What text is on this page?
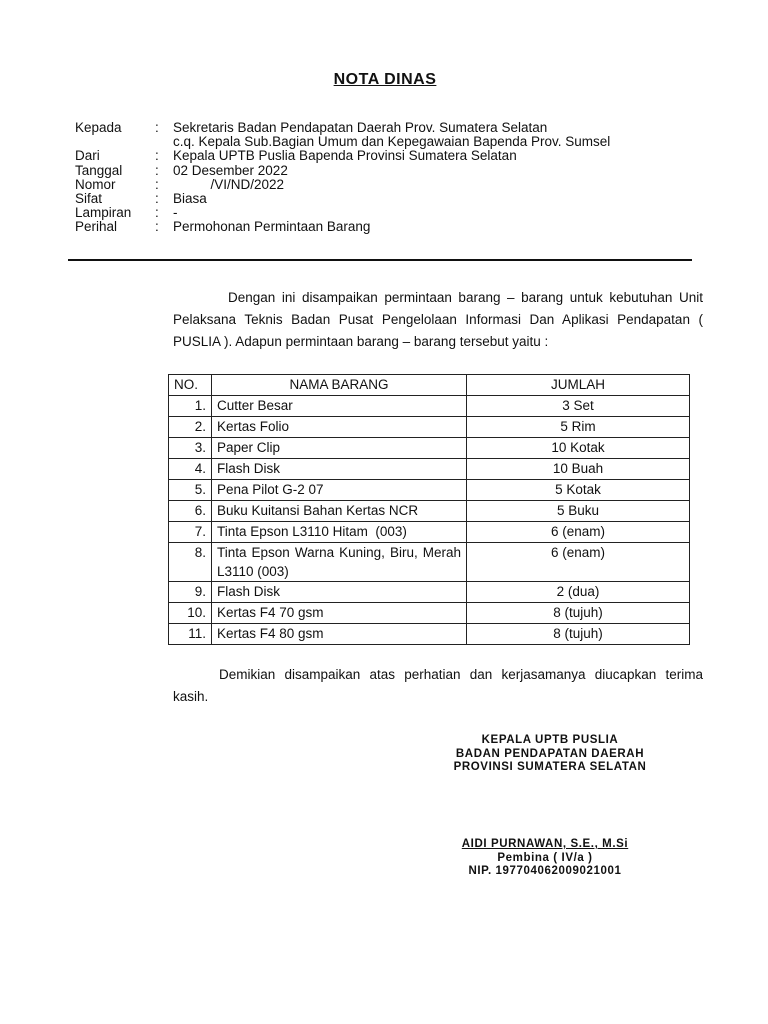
NOTA DINAS
Kepada	:	Sekretaris Badan Pendapatan Daerah Prov. Sumatera Selatan
c.q. Kepala Sub.Bagian Umum dan Kepegawaian Bapenda Prov. Sumsel
Dari	:	Kepala UPTB Puslia Bapenda Provinsi Sumatera Selatan
Tanggal	:	02 Desember 2022
Nomor	:	/VI/ND/2022
Sifat	:	Biasa
Lampiran	:	-
Perihal	:	Permohonan Permintaan Barang
Dengan ini disampaikan permintaan barang – barang untuk kebutuhan Unit Pelaksana Teknis Badan Pusat Pengelolaan Informasi Dan Aplikasi Pendapatan ( PUSLIA ). Adapun permintaan barang – barang tersebut yaitu :
NO.	NAMA BARANG	JUMLAH
1.	Cutter Besar	3 Set
2.	Kertas Folio	5 Rim
3.	Paper Clip	10 Kotak
4.	Flash Disk	10 Buah
5.	Pena Pilot G-2 07	5 Kotak
6.	Buku Kuitansi Bahan Kertas NCR	5 Buku
7.	Tinta Epson L3110 Hitam  (003)	6 (enam)
8.	Tinta Epson Warna Kuning, Biru, Merah L3110 (003)	6 (enam)
9.	Flash Disk	2 (dua)
10.	Kertas F4 70 gsm	8 (tujuh)
11.	Kertas F4 80 gsm	8 (tujuh)
Demikian disampaikan atas perhatian dan kerjasamanya diucapkan terima kasih.
KEPALA UPTB PUSLIA
BADAN PENDAPATAN DAERAH
PROVINSI SUMATERA SELATAN
AIDI PURNAWAN, S.E., M.Si
Pembina ( IV/a )
NIP. 197704062009021001
